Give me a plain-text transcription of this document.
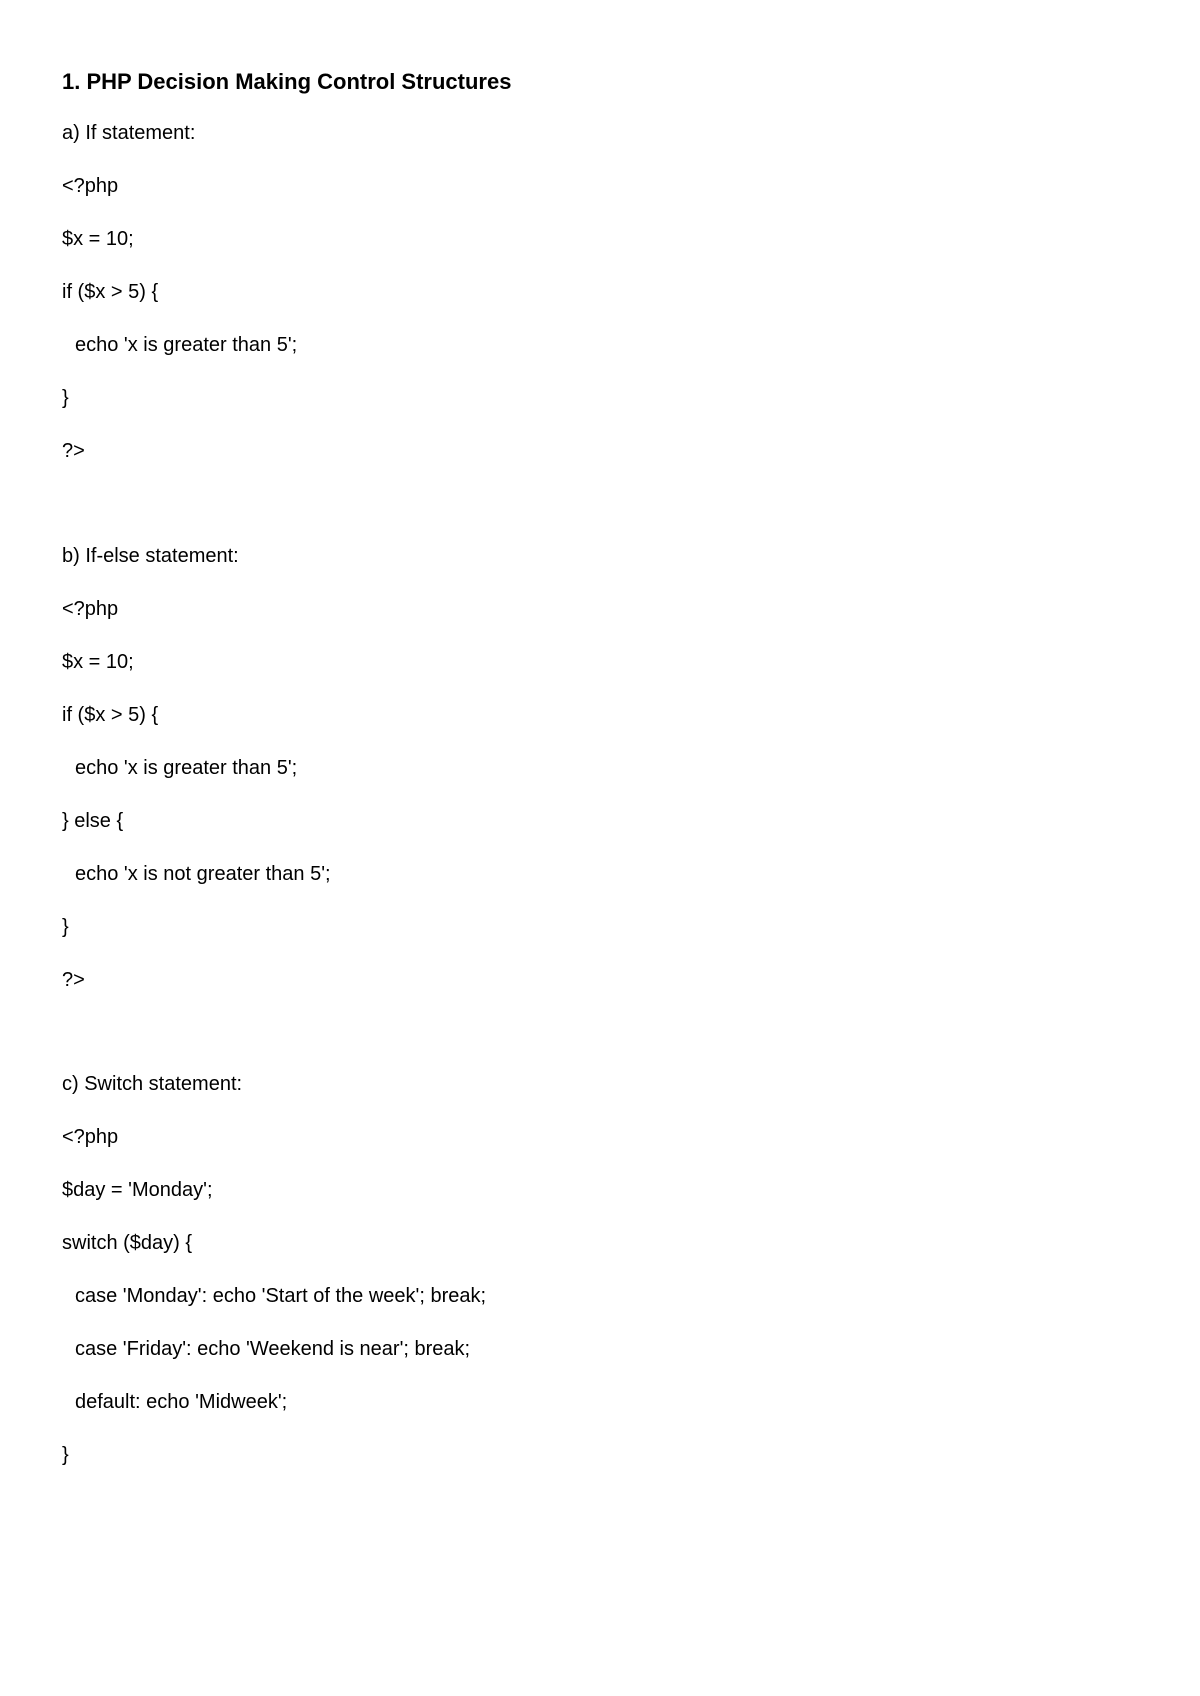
1. PHP Decision Making Control Structures
a) If statement:
<?php
$x = 10;
if ($x > 5) {
echo 'x is greater than 5';
}
?>
b) If-else statement:
<?php
$x = 10;
if ($x > 5) {
echo 'x is greater than 5';
} else {
echo 'x is not greater than 5';
}
?>
c) Switch statement:
<?php
$day = 'Monday';
switch ($day) {
case 'Monday': echo 'Start of the week'; break;
case 'Friday': echo 'Weekend is near'; break;
default: echo 'Midweek';
}
